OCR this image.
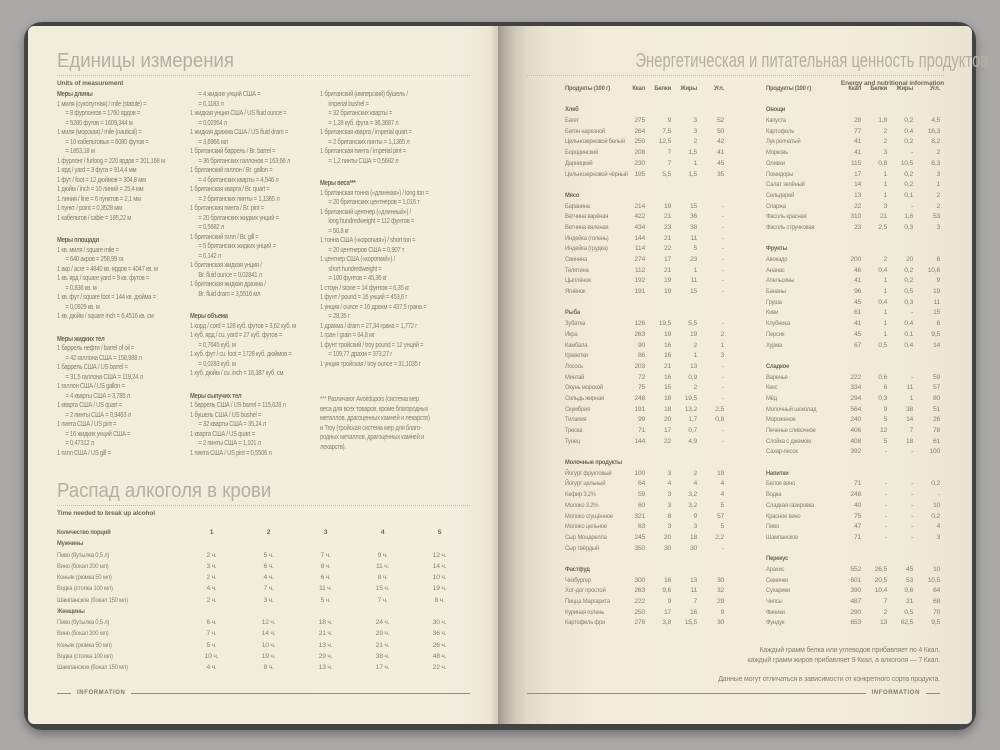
Единицы измерения
Units of measurement
Меры длины
1 миля (сухопутная) / mile (statute) =
= 8 фурлонгов = 1760 ярдов =
= 5280 футов = 1609,344 м
1 миля (морская) / mile (nautical) =
= 10 кабельтовых = 6080 футов =
= 1853,18 м
1 фурлонг / furlong = 220 ярдов = 201,168 м
1 ярд / yard = 3 фута = 914,4 мм
1 фут / foot = 12 дюймов = 304,8 мм
1 дюйм / inch = 10 линий = 25,4 мм
1 линия / line = 6 пунктов = 2,1 мм
1 пункт / point = 0,3528 мм
1 кабельтов / cable = 185,22 м
Меры площади
1 кв. миля / square mile =
= 640 акров = 258,99 га
1 акр / acre = 4840 кв. ярдов = 4047 кв. м
1 кв. ярд / square yard = 9 кв. футов =
= 0,836 кв. м
1 кв. фут / square foot = 144 кв. дюйма =
= 0,0929 кв. м
1 кв. дюйм / square inch = 6,4516 кв. см
Меры жидких тел
1 баррель нефти / barrel of oil =
= 42 галлона США = 158,988 л
1 баррель США / US barrel =
= 31,5 галлона США = 119,24 л
1 галлон США / US gallon =
= 4 кварты США = 3,785 л
1 кварта США / US quart =
= 2 пинты США = 0,9463 л
1 пинта США / US pint =
= 16 жидких унций США =
= 0,47312 л
1 гилл США / US gill =
= 4 жидких унций США =
= 0,1183 л
1 жидкая унция США / US fluid ounce =
= 0,02954 л
1 жидкая драхма США / US fluid dram =
= 3,6966 мл
1 британский баррель / Br. barrel =
= 36 британских галлонов = 163,66 л
1 британский галлон / Br. gallon =
= 4 британских кварты = 4,546 л
1 британская кварта / Br. quart =
= 2 британских пинты = 1,1365 л
1 британская пинта / Br. pint =
= 20 британских жидких унций =
= 0,5682 л
1 британский гилл / Br. gill =
= 5 британских жидких унций =
= 0,142 л
1 британская жидкая унция /
Br. fluid ounce = 0,02841 л
1 британская жидкая драхма /
Br. fluid dram = 3,5516 мл
Меры объема
1 корд / cord = 128 куб. футов = 3,62 куб. м
1 куб. ярд / cu. yard = 27 куб. футов =
= 0,7645 куб. м
1 куб. фут / cu. foot = 1728 куб. дюймов =
= 0,0283 куб. м
1 куб. дюйм / cu. inch = 16,387 куб. см
Меры сыпучих тел
1 баррель США / US barrel = 115,628 л
1 бушель США / US bushel =
= 32 кварты США = 35,24 л
1 кварта США / US quart =
= 2 пинты США = 1,101 л
1 пинта США / US pint = 0,5506 л
1 британский (имперский) бушель /
imperial bushel =
= 32 британских кварты =
= 1,28 куб. фута = 36,3687 л
1 британская кварта / imperial quart =
= 2 британских пинты = 1,1365 л
1 британская пинта / imperial pint =
= 1,2 пинты США = 0,5682 л
Меры веса***
1 британская тонна («длинная») / long ton =
= 20 британских центнеров = 1,016 т
1 британский центнер («длинный») /
long hundredweight = 112 фунтов =
= 50,8 кг
1 тонна США («короткая») / short ton =
= 20 центнеров США = 0,907 т
1 центнер США («короткий») /
short hundredweight =
= 100 фунтов = 45,36 кг
1 стоун / stone = 14 фунтов = 6,35 кг
1 фунт / pound = 16 унций = 453,6 г
1 унция / ounce = 16 драхм = 437,5 грана =
= 28,35 г
1 драхма / dram = 27,34 грана = 1,772 г
1 гран / grain = 64,8 мг
1 фунт тройский / troy pound = 12 унций =
= 109,77 драхм = 373,27 г
1 унция тройская / troy ounce = 31,1035 г
*** Различают Avoirdupois (система мер
веса для всех товаров, кроме благородных
металлов, драгоценных камней и лекарств)
и Troy (тройская система мер для благо-
родных металлов, драгоценных камней и
лекарств).
Распад алкоголя в крови
Time needed to break up alcohol
Количество порций	1	2	3	4	5
Мужчины
Пиво (бутылка 0,5 л)	2 ч.	5 ч.	7 ч.	9 ч.	12 ч.
Вино (бокал 200 мл)	3 ч.	6 ч.	8 ч.	11 ч.	14 ч.
Коньяк (рюмка 50 мл)	2 ч.	4 ч.	6 ч.	8 ч.	10 ч.
Водка (стопка 100 мл)	4 ч.	7 ч.	11 ч.	15 ч.	19 ч.
Шампанское (бокал 150 мл)	2 ч.	3 ч.	5 ч.	7 ч.	8 ч.
Женщины
Пиво (бутылка 0,5 л)	6 ч.	12 ч.	18 ч.	24 ч.	30 ч.
Вино (бокал 200 мл)	7 ч.	14 ч.	21 ч.	29 ч.	36 ч.
Коньяк (рюмка 50 мл)	5 ч.	10 ч.	13 ч.	21 ч.	26 ч.
Водка (стопка 100 мл)	10 ч.	19 ч.	29 ч.	38 ч.	48 ч.
Шампанское (бокал 150 мл)	4 ч.	8 ч.	13 ч.	17 ч.	22 ч.
INFORMATION
Энергетическая и питательная ценность продуктов
Energy and nutritional information
Продукты (100 г)	Ккал	Белки	Жиры	Угл.
Хлеб
Багет	275	9	3	52
Батон нарезной	264	7,5	3	50
Цельнозерновой белый	250	12,5	2	42
Бородинский	208	7	1,5	41
Дарницкий	230	7	1	45
Цельнозерновой чёрный 195	5,5	1,5	35
Мясо
Баранина	214	19	15	-
Ветчина варёная	422	21	36	-
Ветчина вяленая	434	23	38	-
Индейка (голень)	144	21	11	-
Индейка (грудка)	114	22	5	-
Свинина	274	17	23	-
Телятина	112	21	1	-
Цыплёнок	192	19	11	-
Ягнёнок	191	19	15	-
Рыба
Зубатка	126	19,5	5,5	-
Икра	263	19	19	2
Камбала	90	16	2	1
Креветки	86	16	1	3
Лосось	203	21	13	-
Минтай	72	16	0,9	-
Окунь морской	75	15	2	-
Сельдь жирная	248	18	19,5	-
Скумбрия	191	18	13,2	2,5
Тилапия	99	20	1,7	0,8
Треска	71	17	0,7	-
Тунец	144	22	4,9	-
Молочные продукты
Йогурт фруктовый	100	3	2	19
Йогурт цельный	64	4	4	4
Кефир 3,2%	59	3	3,2	4
Молоко 3,2%	60	3	3,2	5
Молоко сгущённое	321	8	9	57
Молоко цельное	63	3	3	5
Сыр Моцарелла	245	20	18	2,2
Сыр твёрдый	350	30	30	-
Фастфуд
Чизбургер	300	16	13	30
Хот-дог простой	263	9,6	11	32
Пицца Маргарита	222	9	7	29
Куриная голень	250	17	16	9
Картофель фри	276	3,8	15,5	30
Продукты (100 г)	Ккал	Белки	Жиры	Угл.
Овощи
Капуста	28	1,8	0,2	4,5
Картофель	77	2	0,4	16,3
Лук репчатый	41	2	0,2	8,2
Морковь	41	3	-	2
Оливки	115	0,8	10,5	6,3
Помидоры	17	1	0,2	3
Салат зелёный	14	1	0,2	1
Сельдерей	13	1	0,1	2
Спаржа	22	3	-	2
Фасоль красная	310	21	1,6	53
Фасоль стручковая	23	2,5	0,3	3
Фрукты
Авокадо	200	2	20	6
Ананас	46	0,4	0,2	10,6
Апельсины	41	1	0,2	9
Бананы	96	1	0,5	19
Груша	45	0,4	0,3	11
Киви	61	1	-	15
Клубника	41	1	0,4	6
Персик	45	1	0,1	9,5
Хурма	67	0,5	0,4	14
Сладкое
Варенье	222	0,6	-	59
Кекс	334	6	11	57
Мёд	294	0,3	1	80
Молочный шоколад	564	9	38	51
Мороженое	240	5	14	26
Печенье сливочное	406	12	7	78
Слойка с джемом	408	5	18	61
Сахар-песок	392	-	-	100
Напитки
Белое вино	71	-	-	0,2
Водка	248	-	-	-
Сладкая газировка	40	-	-	10
Красное вино	75	-	-	0,2
Пиво	47	-	-	4
Шампанское	71	-	-	3
Перекус
Арахис	552	26,5	45	10
Семечки	601	20,5	53	10,5
Сухарики	390	10,4	9,6	64
Чипсы	487	7	21	68
Финики	290	2	0,5	70
Фундук	653	13	62,5	9,5
Каждый грамм белка или углеводов прибавляет по 4 Ккал,
каждый грамм жиров прибавляет 9 Ккал, а алкоголя — 7 Ккал.
Данные могут отличаться в зависимости от конкретного сорта продукта.
INFORMATION
